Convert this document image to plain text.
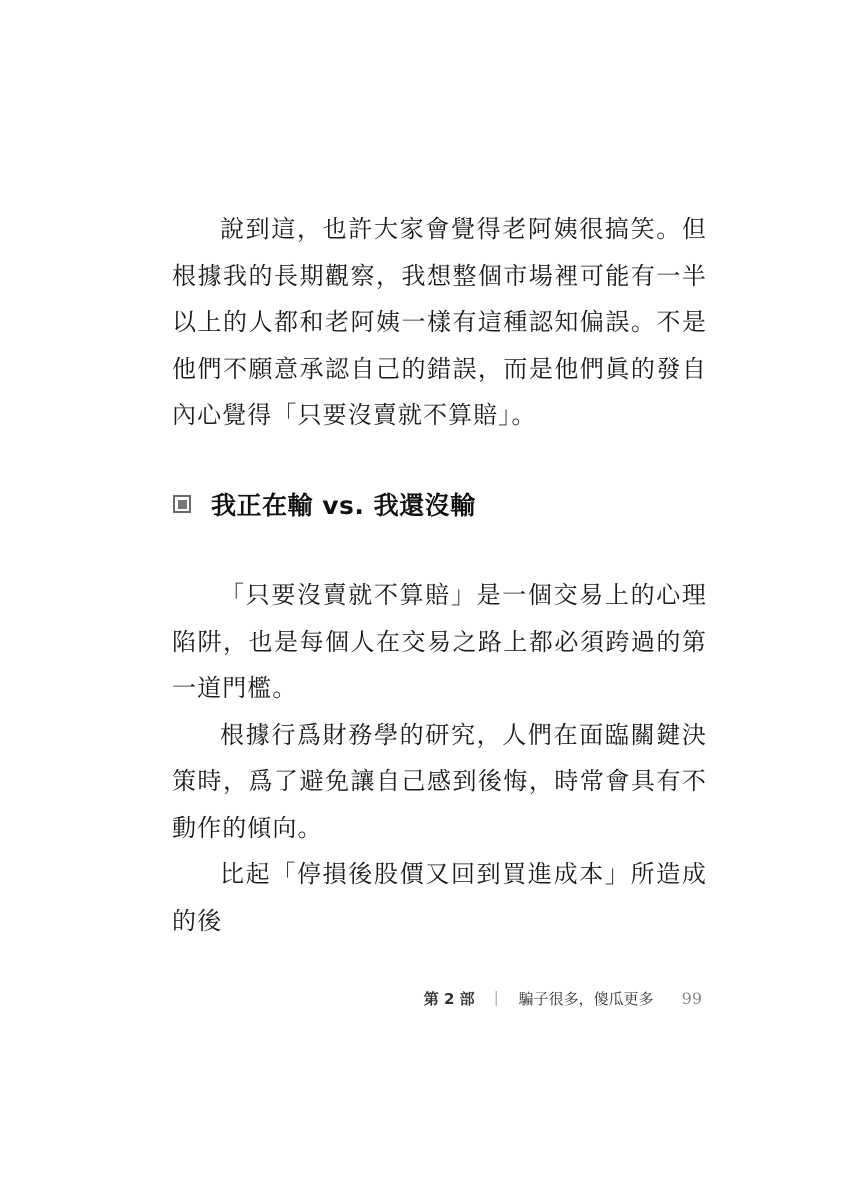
說到這，也許大家會覺得老阿姨很搞笑。但根據我的長期觀察，我想整個市場裡可能有一半以上的人都和老阿姨一樣有這種認知偏誤。不是他們不願意承認自己的錯誤，而是他們眞的發自內心覺得「只要沒賣就不算賠」。

我正在輸 vs. 我還沒輸

「只要沒賣就不算賠」是一個交易上的心理陷阱，也是每個人在交易之路上都必須跨過的第一道門檻。

根據行爲財務學的研究，人們在面臨關鍵決策時，爲了避免讓自己感到後悔，時常會具有不動作的傾向。

比起「停損後股價又回到買進成本」所造成的後

第 2 部 ｜ 騙子很多，傻瓜更多 99
